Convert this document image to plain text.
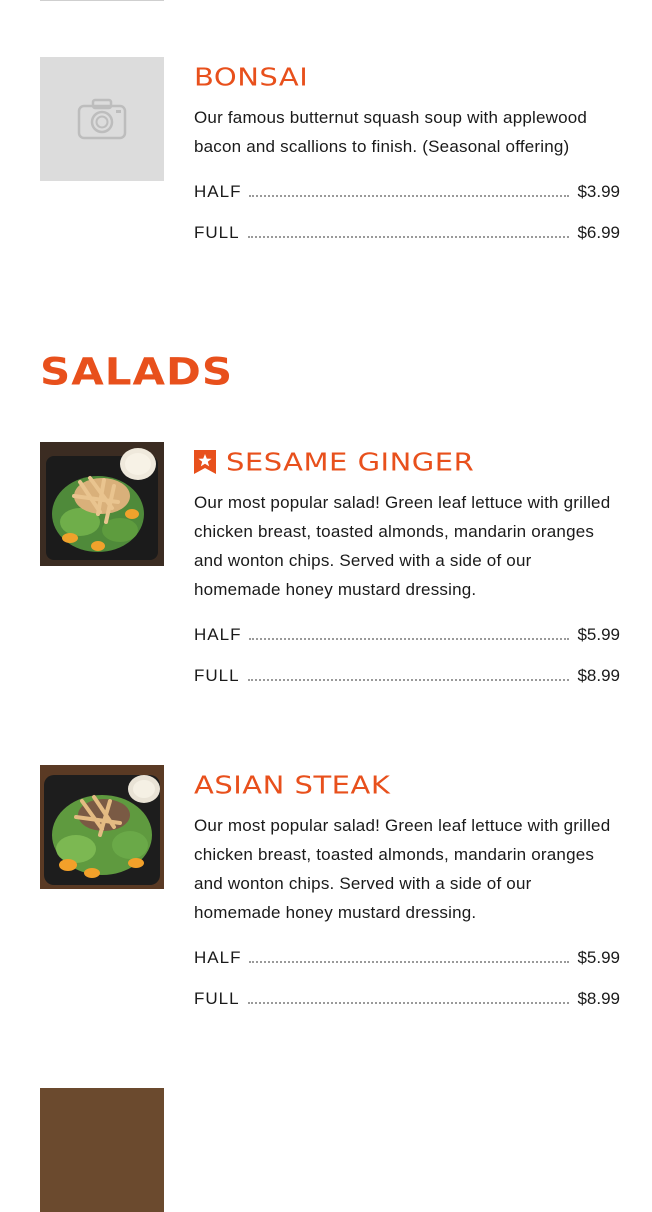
BONSAI

Our famous butternut squash soup with applewood bacon and scallions to finish. (Seasonal offering)

HALF	$3.99
FULL	$6.99
SALADS
SESAME GINGER

Our most popular salad! Green leaf lettuce with grilled chicken breast, toasted almonds, mandarin oranges and wonton chips. Served with a side of our homemade honey mustard dressing.

HALF	$5.99
FULL	$8.99
ASIAN STEAK

Our most popular salad! Green leaf lettuce with grilled chicken breast, toasted almonds, mandarin oranges and wonton chips. Served with a side of our homemade honey mustard dressing.

HALF	$5.99
FULL	$8.99
